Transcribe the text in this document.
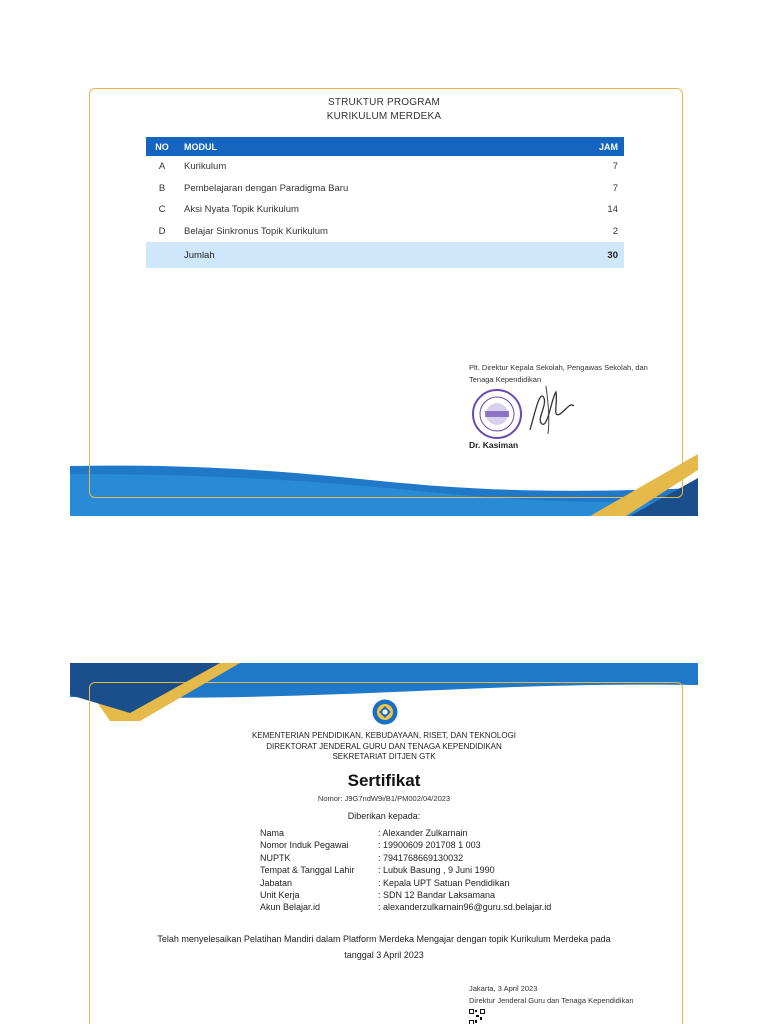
STRUKTUR PROGRAM
KURIKULUM MERDEKA
NO	MODUL	JAM
A	Kurikulum	7
B	Pembelajaran dengan Paradigma Baru	7
C	Aksi Nyata Topik Kurikulum	14
D	Belajar Sinkronus Topik Kurikulum	2
	Jumlah	30
Plt. Direktur Kepala Sekolah, Pengawas Sekolah, dan
Tenaga Kependidikan
Dr. Kasiman
KEMENTERIAN PENDIDIKAN, KEBUDAYAAN, RISET, DAN TEKNOLOGI
DIREKTORAT JENDERAL GURU DAN TENAGA KEPENDIDIKAN
SEKRETARIAT DITJEN GTK
Sertifikat
Nomor: J9G7ndW9i/B1/PM002/04/2023
Diberikan kepada:
Nama	: Alexander Zulkarnain
Nomor Induk Pegawai	: 19900609 201708 1 003
NUPTK	: 7941768669130032
Tempat & Tanggal Lahir	: Lubuk Basung , 9 Juni 1990
Jabatan	: Kepala UPT Satuan Pendidikan
Unit Kerja	: SDN 12 Bandar Laksamana
Akun Belajar.id	: alexanderzulkarnain96@guru.sd.belajar.id
Telah menyelesaikan Pelatihan Mandiri dalam Platform Merdeka Mengajar dengan topik Kurikulum Merdeka pada
tanggal 3 April 2023
Jakarta, 3 April 2023
Direktur Jenderal Guru dan Tenaga Kependidikan
